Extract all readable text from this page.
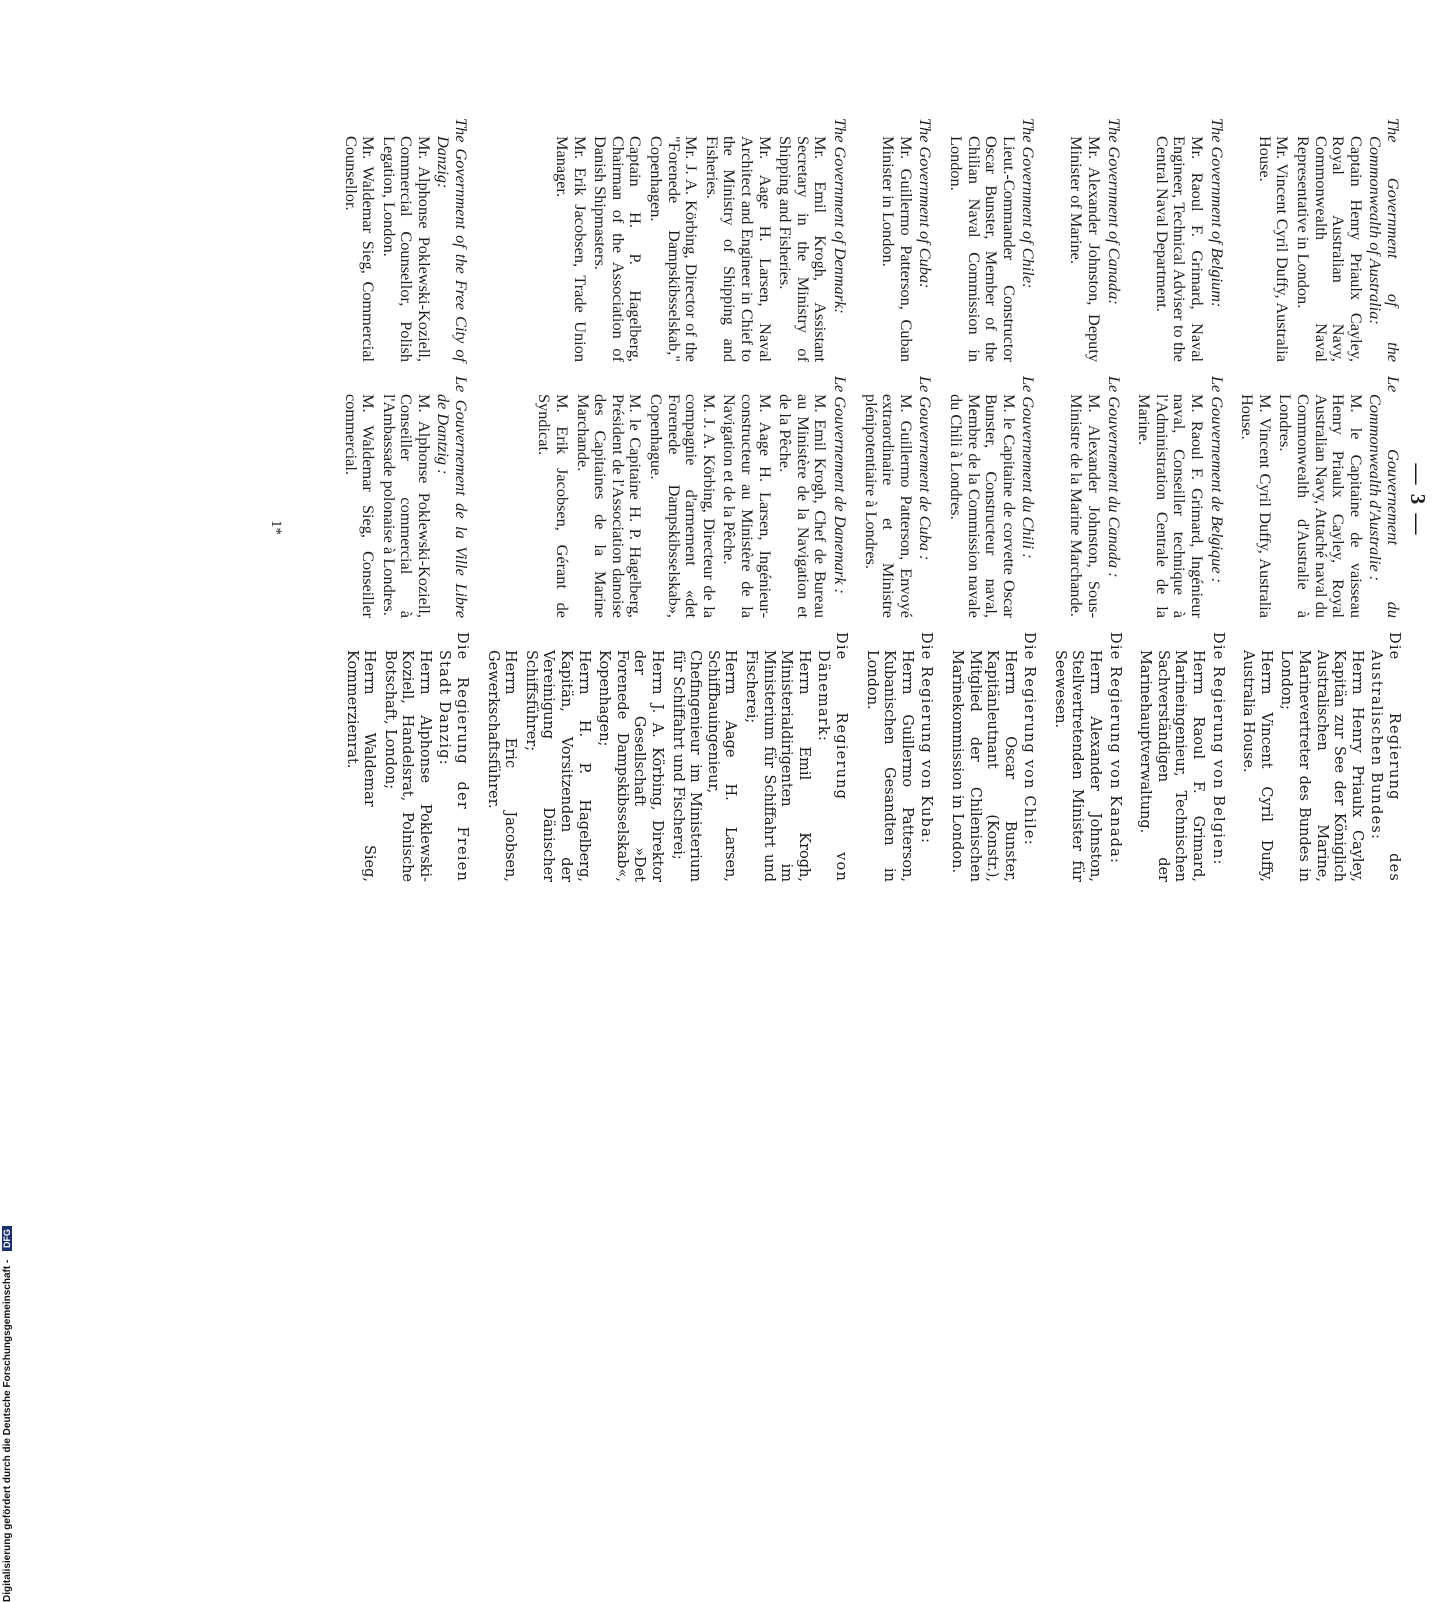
— 3 —
The Government of the Commonwealth of Australia:
Captain Henry Priaulx Cayley, Royal Australian Navy, Commonwealth Naval Representative in London.
Mr. Vincent Cyril Duffy, Australia House.
Le Gouvernement du Commonwealth d'Australie :
M. le Capitaine de vaisseau Henry Priaulx Cayley, Royal Australian Navy, Attaché naval du Commonwealth d'Australie à Londres.
M. Vincent Cyril Duffy, Australia House.
Die Regierung des Australischen Bundes:
Herrn Henry Priaulx Cayley, Kapitän zur See der Königlich Australischen Marine, Marinevertreter des Bundes in London;
Herrn Vincent Cyril Duffy, Australia House.
The Government of Belgium:
Mr. Raoul F. Grimard, Naval Engineer, Technical Adviser to the Central Naval Department.
Le Gouvernement de Belgique :
M. Raoul F. Grimard, Ingénieur naval, Conseiller technique à l'Administration Centrale de la Marine.
Die Regierung von Belgien:
Herrn Raoul F. Grimard, Marineingenieur, Technischen Sachverständigen der Marinehauptverwaltung.
The Government of Canada:
Mr. Alexander Johnston, Deputy Minister of Marine.
Le Gouvernement du Canada :
M. Alexander Johnston, Sous-Ministre de la Marine Marchande.
Die Regierung von Kanada:
Herrn Alexander Johnston, Stellvertretenden Minister für Seewesen.
The Government of Chile:
Lieut.-Commander Constructor Oscar Bunster, Member of the Chilian Naval Commission in London.
Le Gouvernement du Chili :
M. le Capitaine de corvette Oscar Bunster, Constructeur naval, Membre de la Commission navale du Chili à Londres.
Die Regierung von Chile:
Herrn Oscar Bunster, Kapitänleutnant (Konstr.), Mitglied der Chilenischen Marinekommission in London.
The Government of Cuba:
Mr. Guillermo Patterson, Cuban Minister in London.
Le Gouvernement de Cuba :
M. Guillermo Patterson, Envoyé extraordinaire et Ministre plénipotentiaire à Londres.
Die Regierung von Kuba:
Herrn Guillermo Patterson, Kubanischen Gesandten in London.
The Government of Denmark:
Mr. Emil Krogh, Assistant Secretary in the Ministry of Shipping and Fisheries.
Mr. Aage H. Larsen, Naval Architect and Engineer in Chief to the Ministry of Shipping and Fisheries.
Mr. J. A. Körbing, Director of the "Forenede Dampskibsselskab," Copenhagen.
Captain H. P. Hagelberg, Chairman of the Association of Danish Shipmasters.
Mr. Erik Jacobsen, Trade Union Manager.
Le Gouvernement de Danemark :
M. Emil Krogh, Chef de Bureau au Ministère de la Navigation et de la Pêche.
M. Aage H. Larsen, Ingénieur-constructeur au Ministère de la Navigation et de la Pêche.
M. J. A. Körbing, Directeur de la compagnie d'armement «det Forenede Dampskibsselskab», Copenhague.
M. le Capitaine H. P. Hagelberg, Président de l'Association danoise des Capitaines de la Marine Marchande.
M. Erik Jacobsen, Gérant de Syndicat.
Die Regierung von Dänemark:
Herrn Emil Krogh, Ministerialdirigenten im Ministerium für Schiffahrt und Fischerei;
Herrn Aage H. Larsen, Schiffbauingenieur, Chefingenieur im Ministerium für Schiffahrt und Fischerei;
Herrn J. A. Körbing, Direktor der Gesellschaft »Det Forenede Dampskibsselskab«, Kopenhagen;
Herrn H. P. Hagelberg, Kapitän, Vorsitzenden der Vereinigung Dänischer Schiffsführer;
Herrn Eric Jacobsen, Gewerkschaftsführer.
The Government of the Free City of Danzig:
Mr. Alphonse Poklewski-Koziell, Commercial Counsellor, Polish Legation, London.
Mr. Waldemar Sieg, Commercial Counsellor.
Le Gouvernement de la Ville Libre de Dantzig :
M. Alphonse Poklewski-Koziell, Conseiller commercial à l'Ambassade polonaise à Londres.
M. Waldemar Sieg, Conseiller commercial.
Die Regierung der Freien Stadt Danzig:
Herrn Alphonse Poklewski-Koziell, Handelsrat, Polnische Botschaft, London;
Herrn Waldemar Sieg, Kommerzienrat.
1*
Digitalisierung gefördert durch die Deutsche Forschungsgemeinschaft - DFG
